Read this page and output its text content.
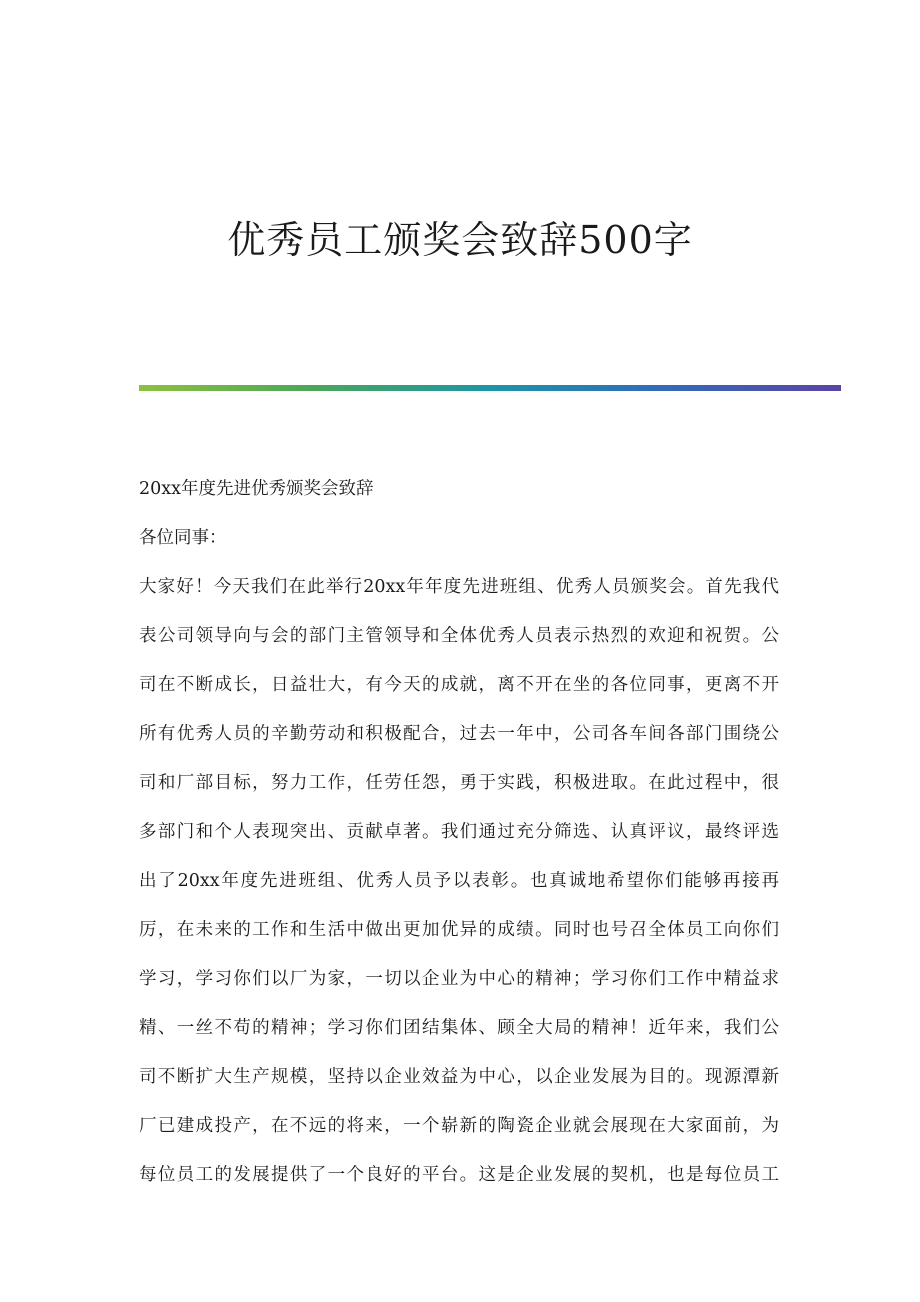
优秀员工颁奖会致辞500字

20xx年度先进优秀颁奖会致辞

各位同事：

大家好！今天我们在此举行20xx年年度先进班组、优秀人员颁奖会。首先我代
表公司领导向与会的部门主管领导和全体优秀人员表示热烈的欢迎和祝贺。公
司在不断成长，日益壮大，有今天的成就，离不开在坐的各位同事，更离不开
所有优秀人员的辛勤劳动和积极配合，过去一年中，公司各车间各部门围绕公
司和厂部目标，努力工作，任劳任怨，勇于实践，积极进取。在此过程中，很
多部门和个人表现突出、贡献卓著。我们通过充分筛选、认真评议，最终评选
出了20xx年度先进班组、优秀人员予以表彰。也真诚地希望你们能够再接再
厉，在未来的工作和生活中做出更加优异的成绩。同时也号召全体员工向你们
学习，学习你们以厂为家，一切以企业为中心的精神；学习你们工作中精益求
精、一丝不苟的精神；学习你们团结集体、顾全大局的精神！近年来，我们公
司不断扩大生产规模，坚持以企业效益为中心，以企业发展为目的。现源潭新
厂已建成投产，在不远的将来，一个崭新的陶瓷企业就会展现在大家面前，为
每位员工的发展提供了一个良好的平台。这是企业发展的契机，也是每位员工
